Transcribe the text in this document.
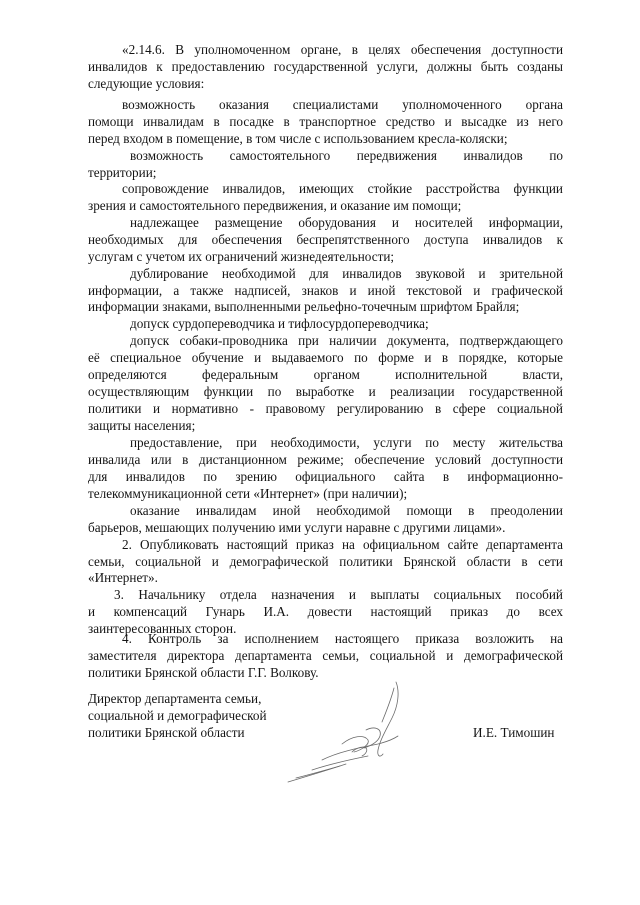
«2.14.6. В уполномоченном органе, в целях обеспечения доступности
инвалидов к предоставлению государственной услуги, должны быть созданы
следующие условия:
возможность оказания специалистами уполномоченного органа
помощи инвалидам в посадке в транспортное средство и высадке из него
перед входом в помещение, в том числе с использованием кресла-коляски;
возможность самостоятельного передвижения инвалидов по
территории;
сопровождение инвалидов, имеющих стойкие расстройства функции
зрения и самостоятельного передвижения, и оказание им помощи;
надлежащее размещение оборудования и носителей информации,
необходимых для обеспечения беспрепятственного доступа инвалидов к
услугам с учетом их ограничений жизнедеятельности;
дублирование необходимой для инвалидов звуковой и зрительной
информации, а также надписей, знаков и иной текстовой и графической
информации знаками, выполненными рельефно-точечным шрифтом Брайля;
допуск сурдопереводчика и тифлосурдопереводчика;
допуск собаки-проводника при наличии документа, подтверждающего
её специальное обучение и выдаваемого по форме и в порядке, которые
определяются федеральным органом исполнительной власти,
осуществляющим функции по выработке и реализации государственной
политики и нормативно - правовому регулированию в сфере социальной
защиты населения;
предоставление, при необходимости, услуги по месту жительства
инвалида или в дистанционном режиме; обеспечение условий доступности
для инвалидов по зрению официального сайта в информационно-
телекоммуникационной сети «Интернет» (при наличии);
оказание инвалидам иной необходимой помощи в преодолении
барьеров, мешающих получению ими услуги наравне с другими лицами».
2. Опубликовать настоящий приказ на официальном сайте департамента
семьи, социальной и демографической политики Брянской области в сети
«Интернет».
3. Начальнику отдела назначения и выплаты социальных пособий
и компенсаций Гунарь И.А. довести настоящий приказ до всех
заинтересованных сторон.
4. Контроль за исполнением настоящего приказа возложить на
заместителя директора департамента семьи, социальной и демографической
политики Брянской области Г.Г. Волкову.
Директор департамента семьи,
социальной и демографической
политики Брянской области	И.Е. Тимошин
